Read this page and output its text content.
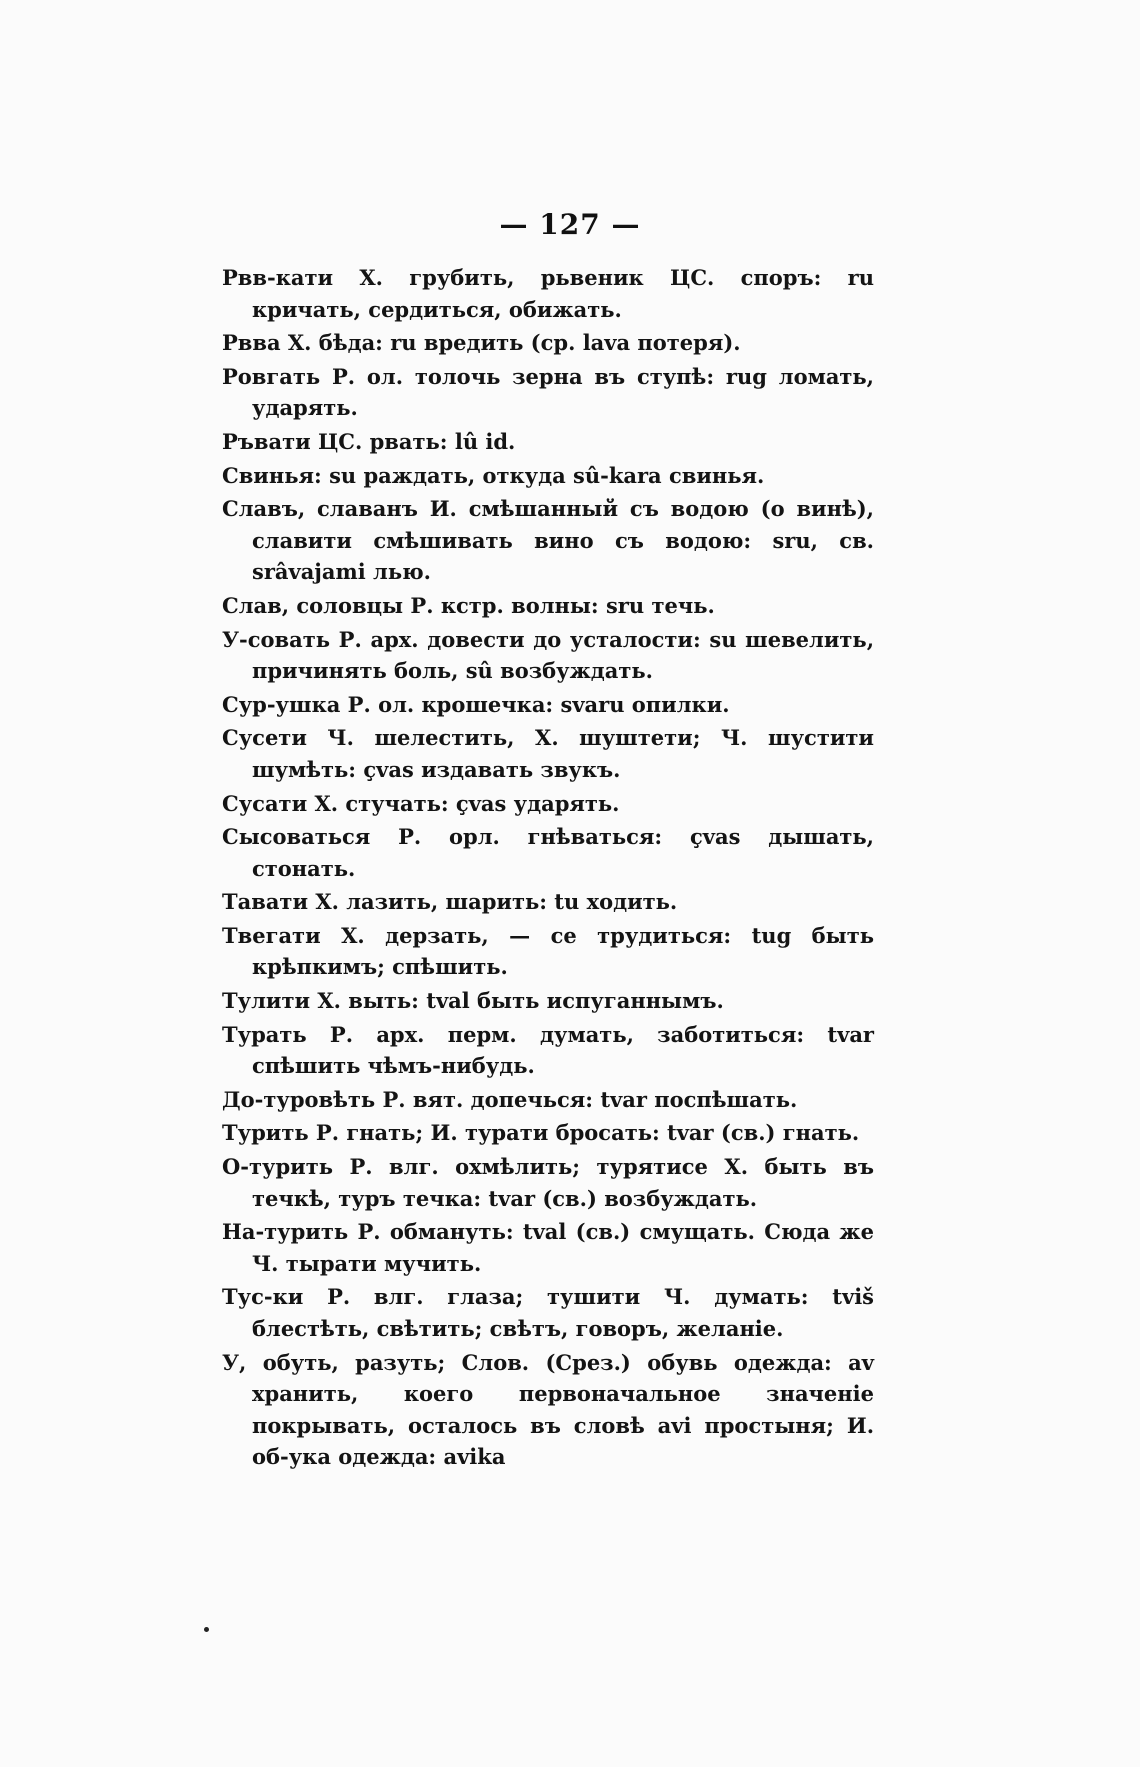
— 127 —

Рвв-кати Х. грубить, рьвеник ЦС. споръ: ru кричать, сердиться, обижать.

Рвва Х. бѣда: ru вредить (ср. lava потеря).

Ровгать Р. ол. толочь зерна въ ступѣ: rug ломать, ударять.

Ръвати ЦС. рвать: lû id.

Свинья: su раждать, откуда sû-kara свинья.

Славъ, славанъ И. смѣшанный съ водою (о винѣ), славити смѣшивать вино съ водою: sru, св. srâvajami лью.

Слав, соловцы Р. кстр. волны: sru течь.

У-совать Р. арх. довести до усталости: su шевелить, причинять боль, sû возбуждать.

Сур-ушка Р. ол. крошечка: svaru опилки.

Сусети Ч. шелестить, Х. шуштети; Ч. шустити шумѣть: çvas издавать звукъ.

Сусати Х. стучать: çvas ударять.

Сысоваться Р. орл. гнѣваться: çvas дышать, стонать.

Тавати Х. лазить, шарить: tu ходить.

Твегати Х. дерзать, — се трудиться: tug быть крѣпкимъ; спѣшить.

Тулити Х. выть: tval быть испуганнымъ.

Турать Р. арх. перм. думать, заботиться: tvar спѣшить чѣмъ-нибудь.

До-туровѣть Р. вят. допечься: tvar поспѣшать.

Турить Р. гнать; И. турати бросать: tvar (св.) гнать.

О-турить Р. влг. охмѣлить; турятисе Х. быть въ течкѣ, туръ течка: tvar (св.) возбуждать.

На-турить Р. обмануть: tval (св.) смущать. Сюда же Ч. тырати мучить.

Тус-ки Р. влг. глаза; тушити Ч. думать: tviš блестѣть, свѣтить; свѣтъ, говоръ, желаніе.

У, обуть, разуть; Слов. (Срез.) обувь одежда: av хранить, коего первоначальное значеніе покрывать, осталось въ словѣ avi простыня; И. об-ука одежда: avika
